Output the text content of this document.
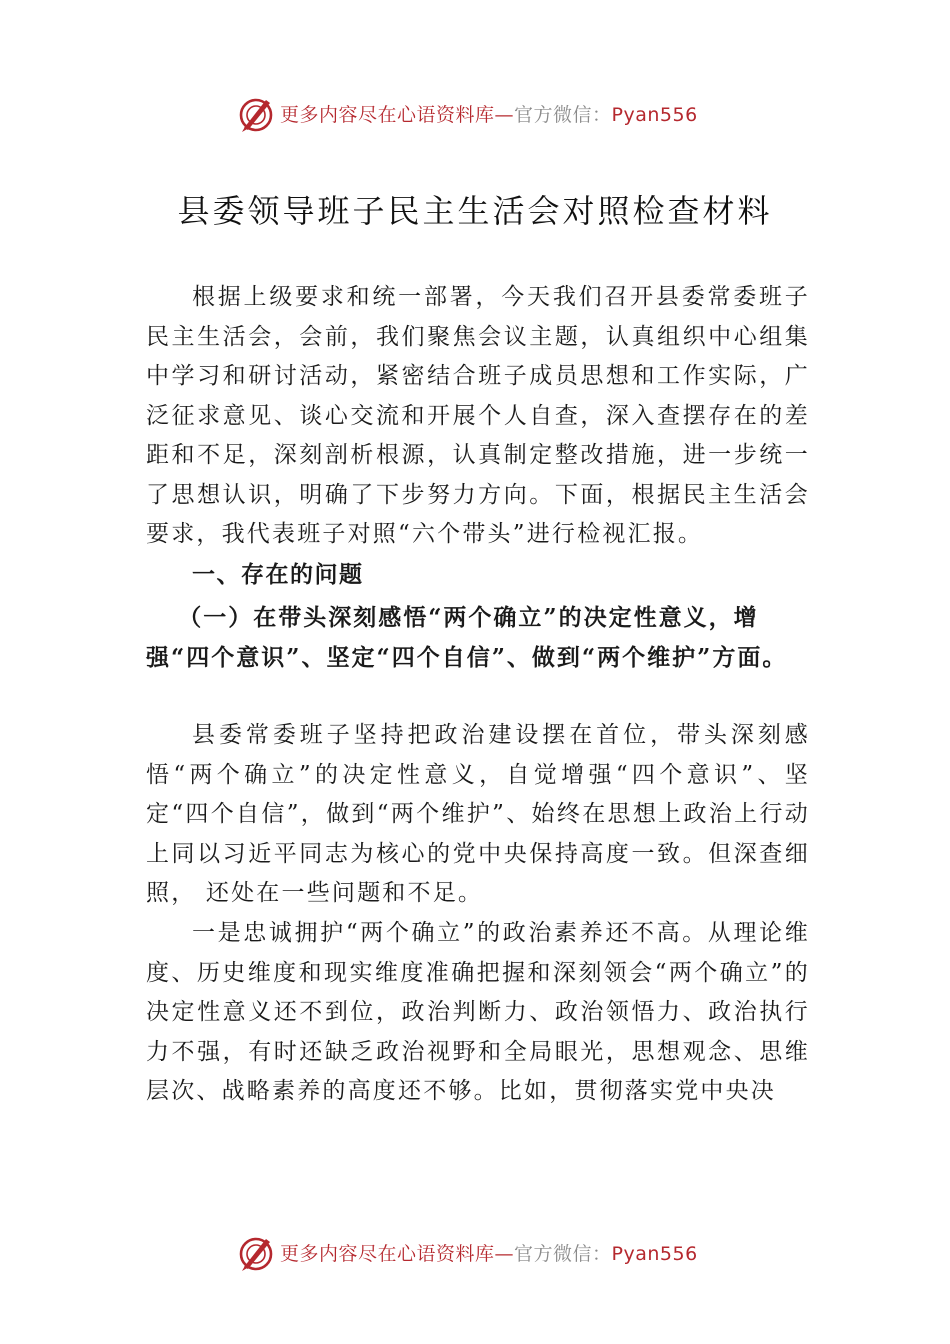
更多内容尽在心语资料库—官方微信：Pyan556
县委领导班子民主生活会对照检查材料

根据上级要求和统一部署，今天我们召开县委常委班子民主生活会，会前，我们聚焦会议主题，认真组织中心组集中学习和研讨活动，紧密结合班子成员思想和工作实际，广泛征求意见、谈心交流和开展个人自查，深入查摆存在的差距和不足，深刻剖析根源，认真制定整改措施，进一步统一了思想认识，明确了下步努力方向。下面，根据民主生活会要求，我代表班子对照“六个带头”进行检视汇报。

一、存在的问题
（一）在带头深刻感悟“两个确立”的决定性意义，增强“四个意识”、坚定“四个自信”、做到“两个维护”方面。

县委常委班子坚持把政治建设摆在首位，带头深刻感悟“两个确立”的决定性意义，自觉增强“四个意识”、坚定“四个自信”，做到“两个维护”、始终在思想上政治上行动上同以习近平同志为核心的党中央保持高度一致。但深查细照， 还处在一些问题和不足。

一是忠诚拥护“两个确立”的政治素养还不高。从理论维度、历史维度和现实维度准确把握和深刻领会“两个确立”的决定性意义还不到位，政治判断力、政治领悟力、政治执行力不强，有时还缺乏政治视野和全局眼光，思想观念、思维层次、战略素养的高度还不够。比如，贯彻落实党中央决

更多内容尽在心语资料库—官方微信：Pyan556
